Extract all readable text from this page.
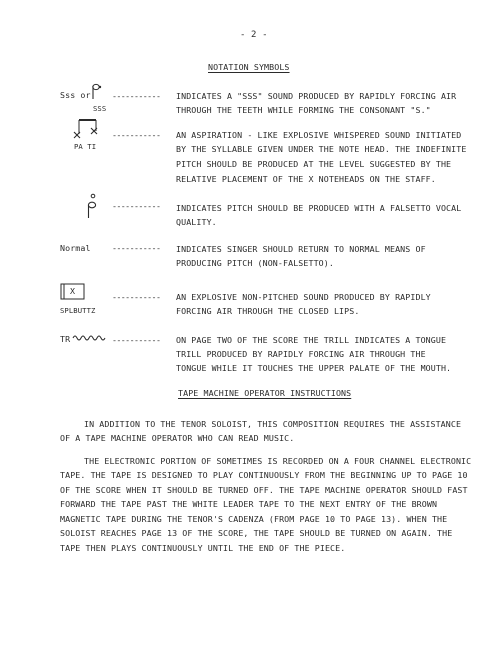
- 2 -
NOTATION SYMBOLS
Sss or
SSS
----------- INDICATES A "SSS" SOUND PRODUCED BY RAPIDLY FORCING AIR
THROUGH THE TEETH WHILE FORMING THE CONSONANT "S."
PA TI
----------- AN ASPIRATION - LIKE EXPLOSIVE WHISPERED SOUND INITIATED
BY THE SYLLABLE GIVEN UNDER THE NOTE HEAD. THE INDEFINITE
PITCH SHOULD BE PRODUCED AT THE LEVEL SUGGESTED BY THE
RELATIVE PLACEMENT OF THE X NOTEHEADS ON THE STAFF.
----------- INDICATES PITCH SHOULD BE PRODUCED WITH A FALSETTO VOCAL
QUALITY.
Normal	----------- INDICATES SINGER SHOULD RETURN TO NORMAL MEANS OF
PRODUCING PITCH (NON-FALSETTO).
X
SPLBUTTZ
----------- AN EXPLOSIVE NON-PITCHED SOUND PRODUCED BY RAPIDLY
FORCING AIR THROUGH THE CLOSED LIPS.
TR	----------- ON PAGE TWO OF THE SCORE THE TRILL INDICATES A TONGUE
TRILL PRODUCED BY RAPIDLY FORCING AIR THROUGH THE
TONGUE WHILE IT TOUCHES THE UPPER PALATE OF THE MOUTH.
TAPE MACHINE OPERATOR INSTRUCTIONS
IN ADDITION TO THE TENOR SOLOIST, THIS COMPOSITION REQUIRES THE ASSISTANCE
OF A TAPE MACHINE OPERATOR WHO CAN READ MUSIC.
THE ELECTRONIC PORTION OF SOMETIMES IS RECORDED ON A FOUR CHANNEL ELECTRONIC
TAPE. THE TAPE IS DESIGNED TO PLAY CONTINUOUSLY FROM THE BEGINNING UP TO PAGE 10
OF THE SCORE WHEN IT SHOULD BE TURNED OFF. THE TAPE MACHINE OPERATOR SHOULD FAST
FORWARD THE TAPE PAST THE WHITE LEADER TAPE TO THE NEXT ENTRY OF THE BROWN
MAGNETIC TAPE DURING THE TENOR'S CADENZA (FROM PAGE 10 TO PAGE 13). WHEN THE
SOLOIST REACHES PAGE 13 OF THE SCORE, THE TAPE SHOULD BE TURNED ON AGAIN. THE
TAPE THEN PLAYS CONTINUOUSLY UNTIL THE END OF THE PIECE.
